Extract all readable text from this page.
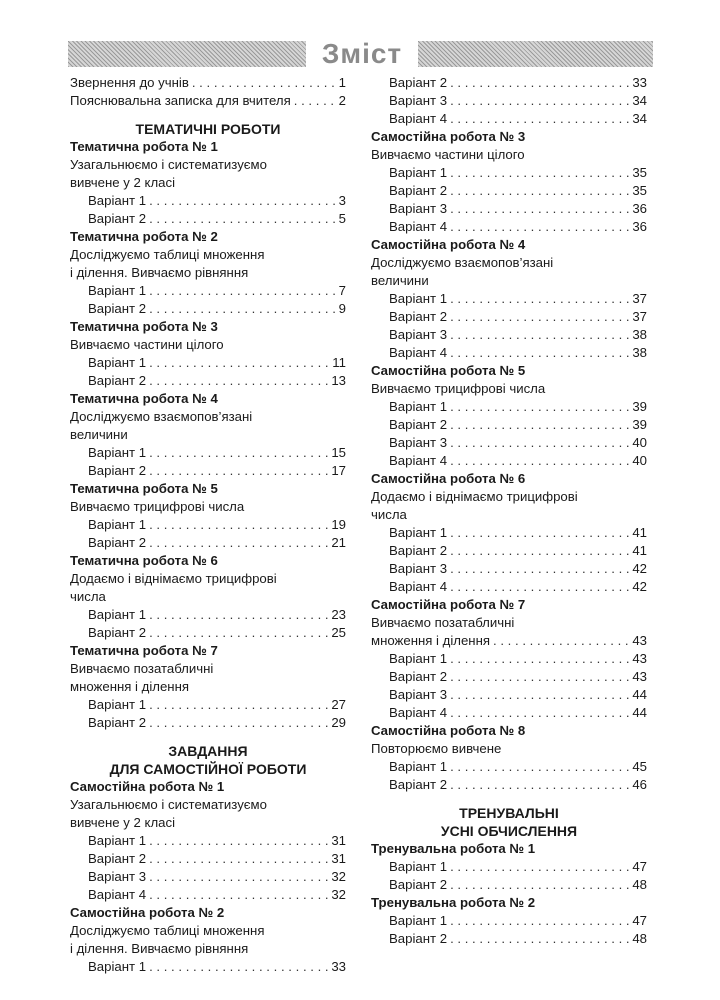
Зміст
Звернення до учнів . . .	1
Пояснювальна записка для вчителя . . .	2
ТЕМАТИЧНІ РОБОТИ
Тематична робота № 1
Узагальнюємо і систематизуємо
вивчене у 2 класі
Варіант 1 . . .	3
Варіант 2 . . .	5
Тематична робота № 2
Досліджуємо таблиці множення
і ділення. Вивчаємо рівняння
Варіант 1 . . .	7
Варіант 2 . . .	9
Тематична робота № 3
Вивчаємо частини цілого
Варіант 1 . . .	11
Варіант 2 . . .	13
Тематична робота № 4
Досліджуємо взаємопов’язані
величини
Варіант 1 . . .	15
Варіант 2 . . .	17
Тематична робота № 5
Вивчаємо трицифрові числа
Варіант 1 . . .	19
Варіант 2 . . .	21
Тематична робота № 6
Додаємо і віднімаємо трицифрові
числа
Варіант 1 . . .	23
Варіант 2 . . .	25
Тематична робота № 7
Вивчаємо позатабличні
множення і ділення
Варіант 1 . . .	27
Варіант 2 . . .	29
ЗАВДАННЯ
ДЛЯ САМОСТІЙНОЇ РОБОТИ
Самостійна робота № 1
Узагальнюємо і систематизуємо
вивчене у 2 класі
Варіант 1 . . .	31
Варіант 2 . . .	31
Варіант 3 . . .	32
Варіант 4 . . .	32
Самостійна робота № 2
Досліджуємо таблиці множення
і ділення. Вивчаємо рівняння
Варіант 1 . . .	33
Варіант 2 . . .	33
Варіант 3 . . .	34
Варіант 4 . . .	34
Самостійна робота № 3
Вивчаємо частини цілого
Варіант 1 . . .	35
Варіант 2 . . .	35
Варіант 3 . . .	36
Варіант 4 . . .	36
Самостійна робота № 4
Досліджуємо взаємопов’язані
величини
Варіант 1 . . .	37
Варіант 2 . . .	37
Варіант 3 . . .	38
Варіант 4 . . .	38
Самостійна робота № 5
Вивчаємо трицифрові числа
Варіант 1 . . .	39
Варіант 2 . . .	39
Варіант 3 . . .	40
Варіант 4 . . .	40
Самостійна робота № 6
Додаємо і віднімаємо трицифрові
числа
Варіант 1 . . .	41
Варіант 2 . . .	41
Варіант 3 . . .	42
Варіант 4 . . .	42
Самостійна робота № 7
Вивчаємо позатабличні
множення і ділення . . .	43
Варіант 1 . . .	43
Варіант 2 . . .	43
Варіант 3 . . .	44
Варіант 4 . . .	44
Самостійна робота № 8
Повторюємо вивчене
Варіант 1 . . .	45
Варіант 2 . . .	46
ТРЕНУВАЛЬНІ
УСНІ ОБЧИСЛЕННЯ
Тренувальна робота № 1
Варіант 1 . . .	47
Варіант 2 . . .	48
Тренувальна робота № 2
Варіант 1 . . .	47
Варіант 2 . . .	48
